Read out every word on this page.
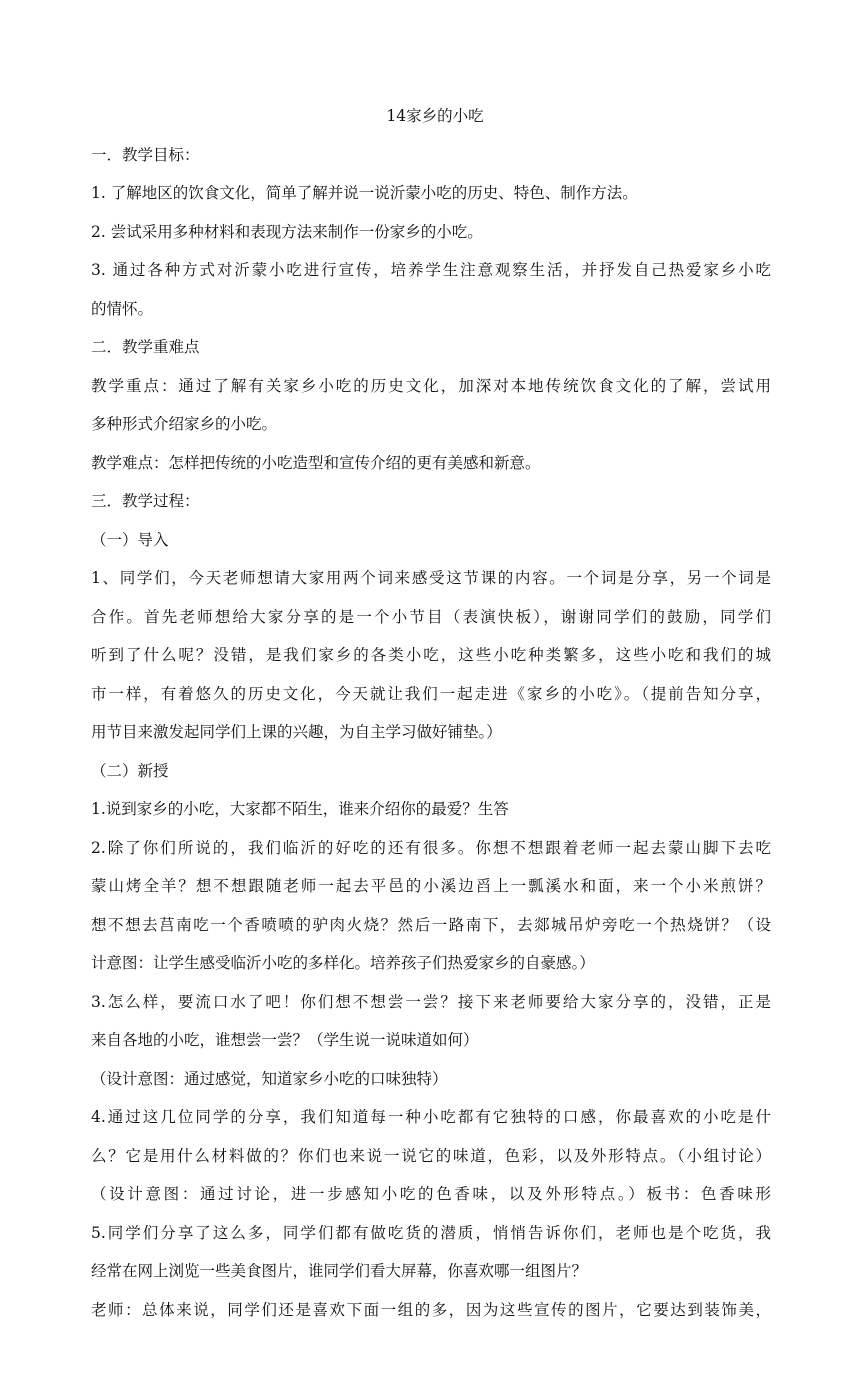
14家乡的小吃
一．教学目标：
1. 了解地区的饮食文化，简单了解并说一说沂蒙小吃的历史、特色、制作方法。
2. 尝试采用多种材料和表现方法来制作一份家乡的小吃。
3. 通过各种方式对沂蒙小吃进行宣传，培养学生注意观察生活，并抒发自己热爱家乡小吃
的情怀。
二．教学重难点
教学重点：通过了解有关家乡小吃的历史文化，加深对本地传统饮食文化的了解，尝试用
多种形式介绍家乡的小吃。
教学难点：怎样把传统的小吃造型和宣传介绍的更有美感和新意。
三．教学过程：
（一）导入
1、同学们，今天老师想请大家用两个词来感受这节课的内容。一个词是分享，另一个词是
合作。首先老师想给大家分享的是一个小节目（表演快板），谢谢同学们的鼓励，同学们
听到了什么呢？没错，是我们家乡的各类小吃，这些小吃种类繁多，这些小吃和我们的城
市一样，有着悠久的历史文化，今天就让我们一起走进《家乡的小吃》。（提前告知分享，
用节目来激发起同学们上课的兴趣，为自主学习做好铺垫。）
（二）新授
1.说到家乡的小吃，大家都不陌生，谁来介绍你的最爱？生答
2.除了你们所说的，我们临沂的好吃的还有很多。你想不想跟着老师一起去蒙山脚下去吃
蒙山烤全羊？想不想跟随老师一起去平邑的小溪边舀上一瓢溪水和面，来一个小米煎饼？
想不想去莒南吃一个香喷喷的驴肉火烧？然后一路南下，去郯城吊炉旁吃一个热烧饼？（设
计意图：让学生感受临沂小吃的多样化。培养孩子们热爱家乡的自豪感。）
3.怎么样，要流口水了吧！你们想不想尝一尝？接下来老师要给大家分享的，没错，正是
来自各地的小吃，谁想尝一尝？（学生说一说味道如何）
（设计意图：通过感觉，知道家乡小吃的口味独特）
4.通过这几位同学的分享，我们知道每一种小吃都有它独特的口感，你最喜欢的小吃是什
么？它是用什么材料做的？你们也来说一说它的味道，色彩，以及外形特点。（小组讨论）
（设计意图：通过讨论，进一步感知小吃的色香味，以及外形特点。）板书：色香味形
5.同学们分享了这么多，同学们都有做吃货的潜质，悄悄告诉你们，老师也是个吃货，我
经常在网上浏览一些美食图片，谁同学们看大屏幕，你喜欢哪一组图片？
老师：总体来说，同学们还是喜欢下面一组的多，因为这些宣传的图片，它要达到装饰美，
